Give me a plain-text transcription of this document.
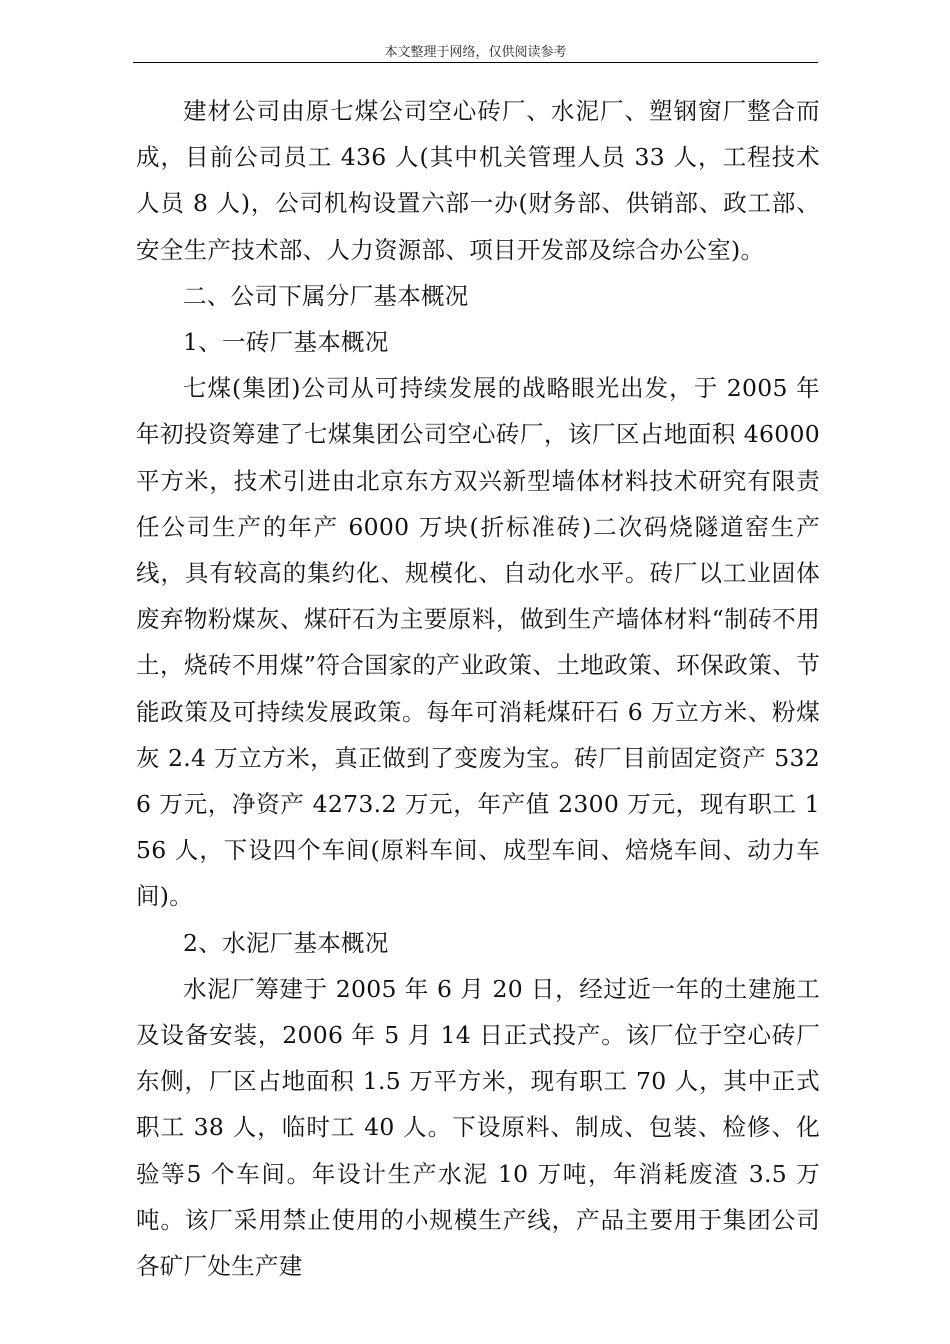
本文整理于网络，仅供阅读参考

建材公司由原七煤公司空心砖厂、水泥厂、塑钢窗厂整合而成，目前公司员工 436 人(其中机关管理人员 33 人，工程技术人员 8 人)，公司机构设置六部一办(财务部、供销部、政工部、安全生产技术部、人力资源部、项目开发部及综合办公室)。

二、公司下属分厂基本概况

1、一砖厂基本概况

七煤(集团)公司从可持续发展的战略眼光出发，于 2005 年年初投资筹建了七煤集团公司空心砖厂，该厂区占地面积 46000 平方米，技术引进由北京东方双兴新型墙体材料技术研究有限责任公司生产的年产 6000 万块(折标准砖)二次码烧隧道窑生产线，具有较高的集约化、规模化、自动化水平。砖厂以工业固体废弃物粉煤灰、煤矸石为主要原料，做到生产墙体材料“制砖不用土，烧砖不用煤”符合国家的产业政策、土地政策、环保政策、节能政策及可持续发展政策。每年可消耗煤矸石 6 万立方米、粉煤灰 2.4 万立方米，真正做到了变废为宝。砖厂目前固定资产 5326 万元，净资产 4273.2 万元，年产值 2300 万元，现有职工 156 人，下设四个车间(原料车间、成型车间、焙烧车间、动力车间)。

2、水泥厂基本概况

水泥厂筹建于 2005 年 6 月 20 日，经过近一年的土建施工及设备安装，2006 年 5 月 14 日正式投产。该厂位于空心砖厂东侧，厂区占地面积 1.5 万平方米，现有职工 70 人，其中正式职工 38 人，临时工 40 人。下设原料、制成、包装、检修、化验等5 个车间。年设计生产水泥 10 万吨，年消耗废渣 3.5 万吨。该厂采用禁止使用的小规模生产线，产品主要用于集团公司各矿厂处生产建
